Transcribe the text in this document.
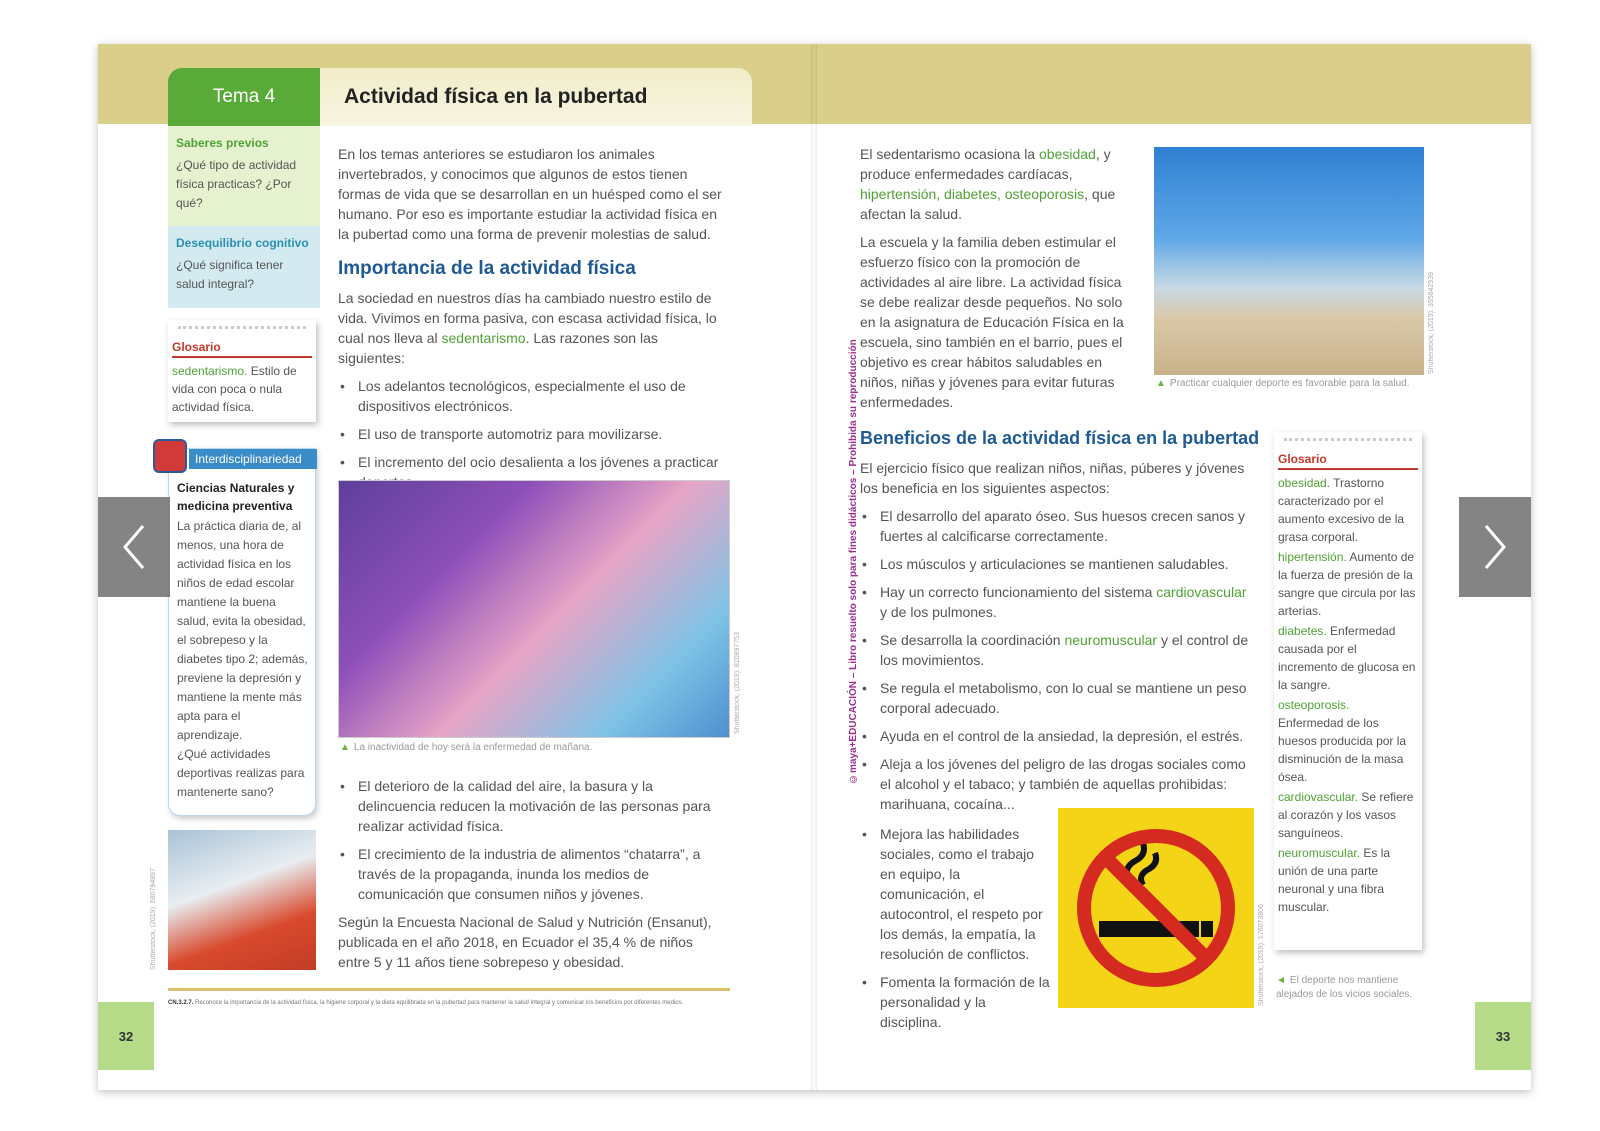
Tema 4	Actividad física en la pubertad
Saberes previos
¿Qué tipo de actividad física practicas? ¿Por qué?
Desequilibrio cognitivo
¿Qué significa tener salud integral?
Glosario
sedentarismo. Estilo de vida con poca o nula actividad física.
Interdisciplinariedad
Ciencias Naturales y medicina preventiva
La práctica diaria de, al menos, una hora de actividad física en los niños de edad escolar mantiene la buena salud, evita la obesidad, el sobrepeso y la diabetes tipo 2; además, previene la depresión y mantiene la mente más apta para el aprendizaje.
¿Qué actividades deportivas realizas para mantenerte sano?
Shutterstock, (2019). 680794897
En los temas anteriores se estudiaron los animales invertebrados, y conocimos que algunos de estos tienen formas de vida que se desarrollan en un huésped como el ser humano. Por eso es importante estudiar la actividad física en la pubertad como una forma de prevenir molestias de salud.
Importancia de la actividad física
La sociedad en nuestros días ha cambiado nuestro estilo de vida. Vivimos en forma pasiva, con escasa actividad física, lo cual nos lleva al sedentarismo. Las razones son las siguientes:
• Los adelantos tecnológicos, especialmente el uso de dispositivos electrónicos.
• El uso de transporte automotriz para movilizarse.
• El incremento del ocio desalienta a los jóvenes a practicar
Shutterstock, (2019). 820897753
▲ La inactividad de hoy será la enfermedad de mañana.
• El deterioro de la calidad del aire, la basura y la delincuencia reducen la motivación de las personas para realizar actividad física.
• El crecimiento de la industria de alimentos “chatarra”, a través de la propaganda, inunda los medios de comunicación que consumen niños y jóvenes.
Según la Encuesta Nacional de Salud y Nutrición (Ensanut), publicada en el año 2018, en Ecuador el 35,4 % de niños entre 5 y 11 años tiene sobrepeso y obesidad.
CN.3.2.7. Reconoce la importancia de la actividad física, la higiene corporal y la dieta equilibrada en la pubertad para mantener la salud integral y comunicar los beneficios por diferentes medios.
32
©maya+EDUCACIÓN – Libro resuelto solo para fines didácticos – Prohibida su reproducción
El sedentarismo ocasiona la obesidad, y produce enfermedades cardíacas, hipertensión, diabetes, osteoporosis, que afectan la salud.
La escuela y la familia deben estimular el esfuerzo físico con la promoción de actividades al aire libre. La actividad física se debe realizar desde pequeños. No solo en la asignatura de Educación Física en la escuela, sino también en el barrio, pues el objetivo es crear hábitos saludables en niños, niñas y jóvenes para evitar futuras enfermedades.
Shutterstock, (2019). 395842939
▲ Practicar cualquier deporte es favorable para la salud.
Beneficios de la actividad física en la pubertad
El ejercicio físico que realizan niños, niñas, púberes y jóvenes los beneficia en los siguientes aspectos:
• El desarrollo del aparato óseo. Sus huesos crecen sanos y fuertes al calcificarse correctamente.
• Los músculos y articulaciones se mantienen saludables.
• Hay un correcto funcionamiento del sistema cardiovascular y de los pulmones.
• Se desarrolla la coordinación neuromuscular y el control de los movimientos.
• Se regula el metabolismo, con lo cual se mantiene un peso corporal adecuado.
• Ayuda en el control de la ansiedad, la depresión, el estrés.
• Aleja a los jóvenes del peligro de las drogas sociales como el alcohol y el tabaco; y también de aquellas prohibidas: marihuana, cocaína...
• Mejora las habilidades sociales, como el trabajo en equipo, la comunicación, el autocontrol, el respeto por los demás, la empatía, la resolución de conflictos.
• Fomenta la formación de la personalidad y la disciplina.
Shutterstock, (2019). 176073806
Glosario
obesidad. Trastorno caracterizado por el aumento excesivo de la grasa corporal.
hipertensión. Aumento de la fuerza de presión de la sangre que circula por las arterias.
diabetes. Enfermedad causada por el incremento de glucosa en la sangre.
osteoporosis. Enfermedad de los huesos producida por la disminución de la masa ósea.
cardiovascular. Se refiere al corazón y los vasos sanguíneos.
neuromuscular. Es la unión de una parte neuronal y una fibra muscular.
◄ El deporte nos mantiene alejados de los vicios sociales.
33
